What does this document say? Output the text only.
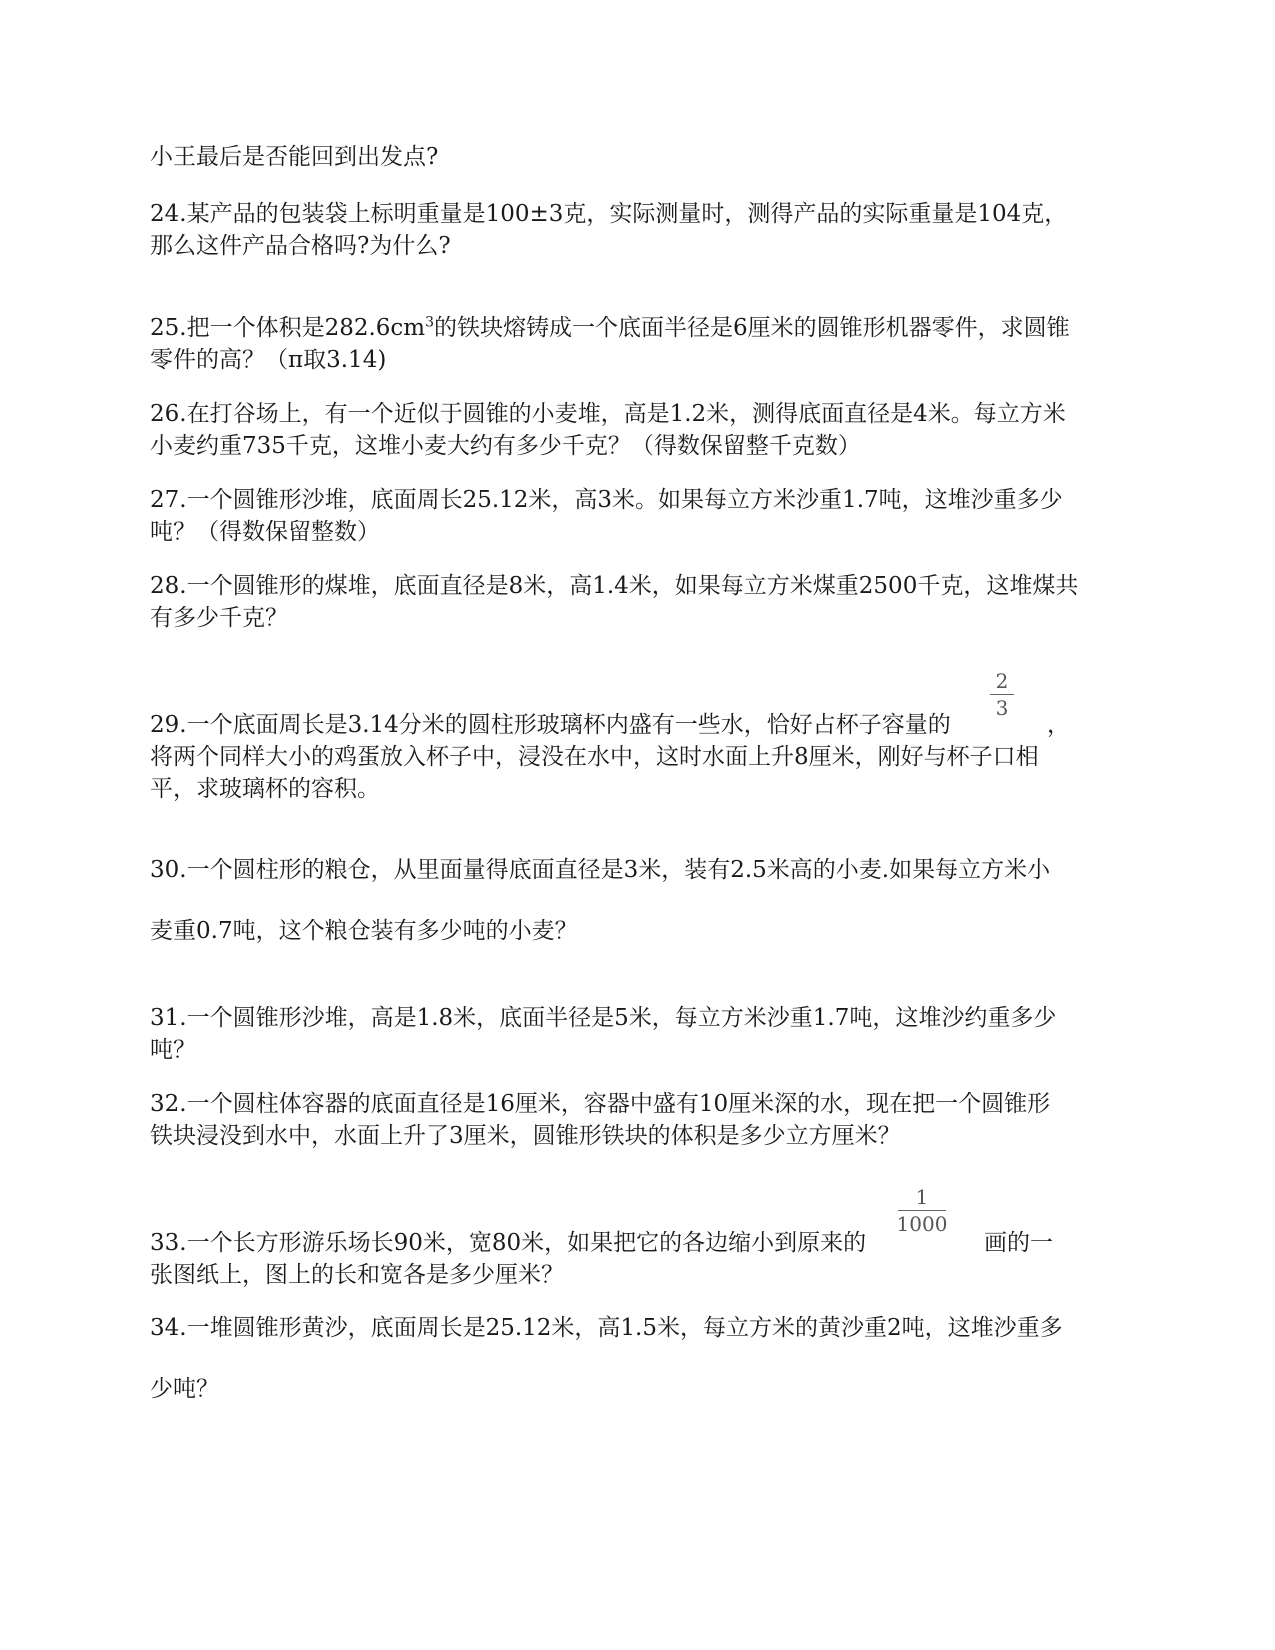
小王最后是否能回到出发点?
24.某产品的包装袋上标明重量是100±3克，实际测量时，测得产品的实际重量是104克，
那么这件产品合格吗?为什么?
25.把一个体积是$282.6cm^3$的铁块熔铸成一个底面半径是6厘米的圆锥形机器零件，求圆锥
零件的高？（π取3.14)
26.在打谷场上，有一个近似于圆锥的小麦堆，高是1.2米，测得底面直径是4米。每立方米
小麦约重735千克，这堆小麦大约有多少千克？（得数保留整千克数）
27.一个圆锥形沙堆，底面周长25.12米，高3米。如果每立方米沙重1.7吨，这堆沙重多少
吨？（得数保留整数）
28.一个圆锥形的煤堆，底面直径是8米，高1.4米，如果每立方米煤重2500千克，这堆煤共
有多少千克？
2
3
29.一个底面周长是3.14分米的圆柱形玻璃杯内盛有一些水，恰好占杯子容量的	，
将两个同样大小的鸡蛋放入杯子中，浸没在水中，这时水面上升8厘米，刚好与杯子口相
平，求玻璃杯的容积。
30.一个圆柱形的粮仓，从里面量得底面直径是3米，装有2.5米高的小麦.如果每立方米小
麦重0.7吨，这个粮仓装有多少吨的小麦？
31.一个圆锥形沙堆，高是1.8米，底面半径是5米，每立方米沙重1.7吨，这堆沙约重多少
吨？
32.一个圆柱体容器的底面直径是16厘米，容器中盛有10厘米深的水，现在把一个圆锥形
铁块浸没到水中，水面上升了3厘米，圆锥形铁块的体积是多少立方厘米？
1
1000
33.一个长方形游乐场长90米，宽80米，如果把它的各边缩小到原来的	画的一
张图纸上，图上的长和宽各是多少厘米？
34.一堆圆锥形黄沙，底面周长是25.12米，高1.5米，每立方米的黄沙重2吨，这堆沙重多
少吨？
